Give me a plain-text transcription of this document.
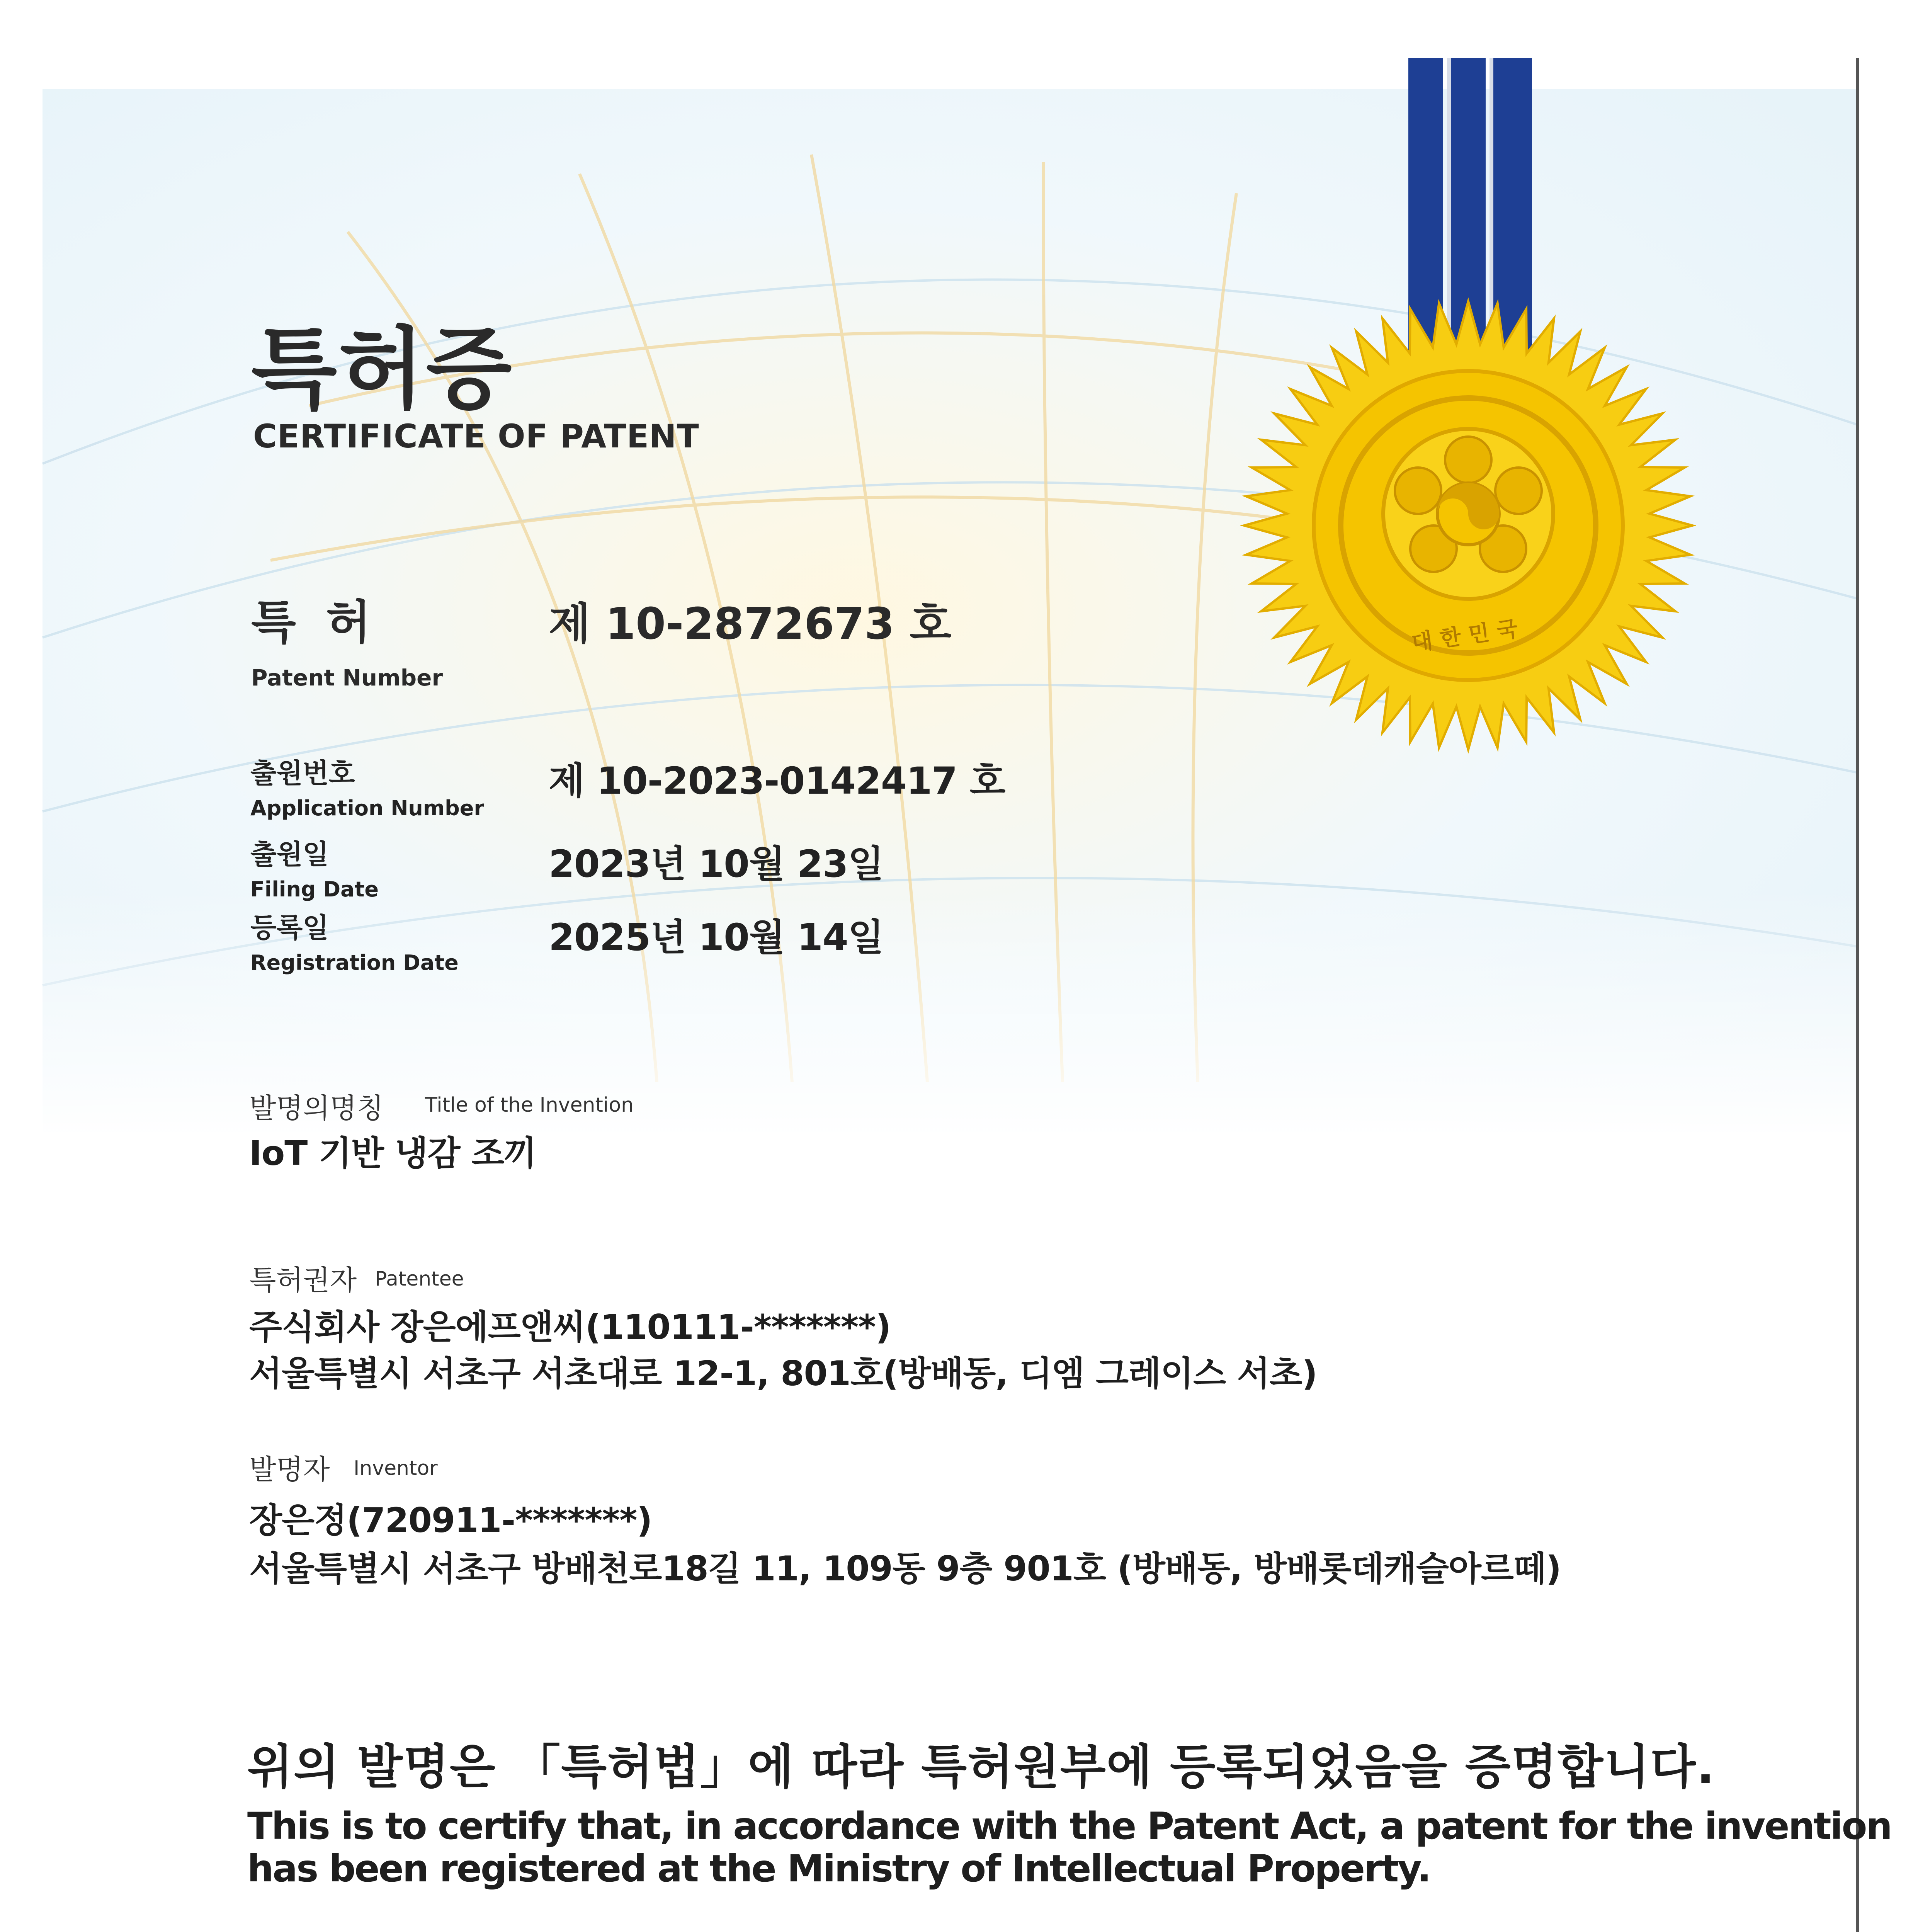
대한민국
특허증
CERTIFICATE OF PATENT
특 허
Patent Number
제 10-2872673 호
출원번호
Application Number
제 10-2023-0142417 호
출원일
Filing Date
2023년 10월 23일
등록일
Registration Date
2025년 10월 14일
발명의명칭 Title of the Invention
IoT 기반 냉감 조끼
특허권자 Patentee
주식회사 장은에프앤씨(110111-*******)
서울특별시 서초구 서초대로 12-1, 801호(방배동, 디엠 그레이스 서초)
발명자 Inventor
장은정(720911-*******)
서울특별시 서초구 방배천로18길 11, 109동 9층 901호 (방배동, 방배롯데캐슬아르떼)
위의 발명은 「특허법」에 따라 특허원부에 등록되었음을 증명합니다.
This is to certify that, in accordance with the Patent Act, a patent for the invention
has been registered at the Ministry of Intellectual Property.
